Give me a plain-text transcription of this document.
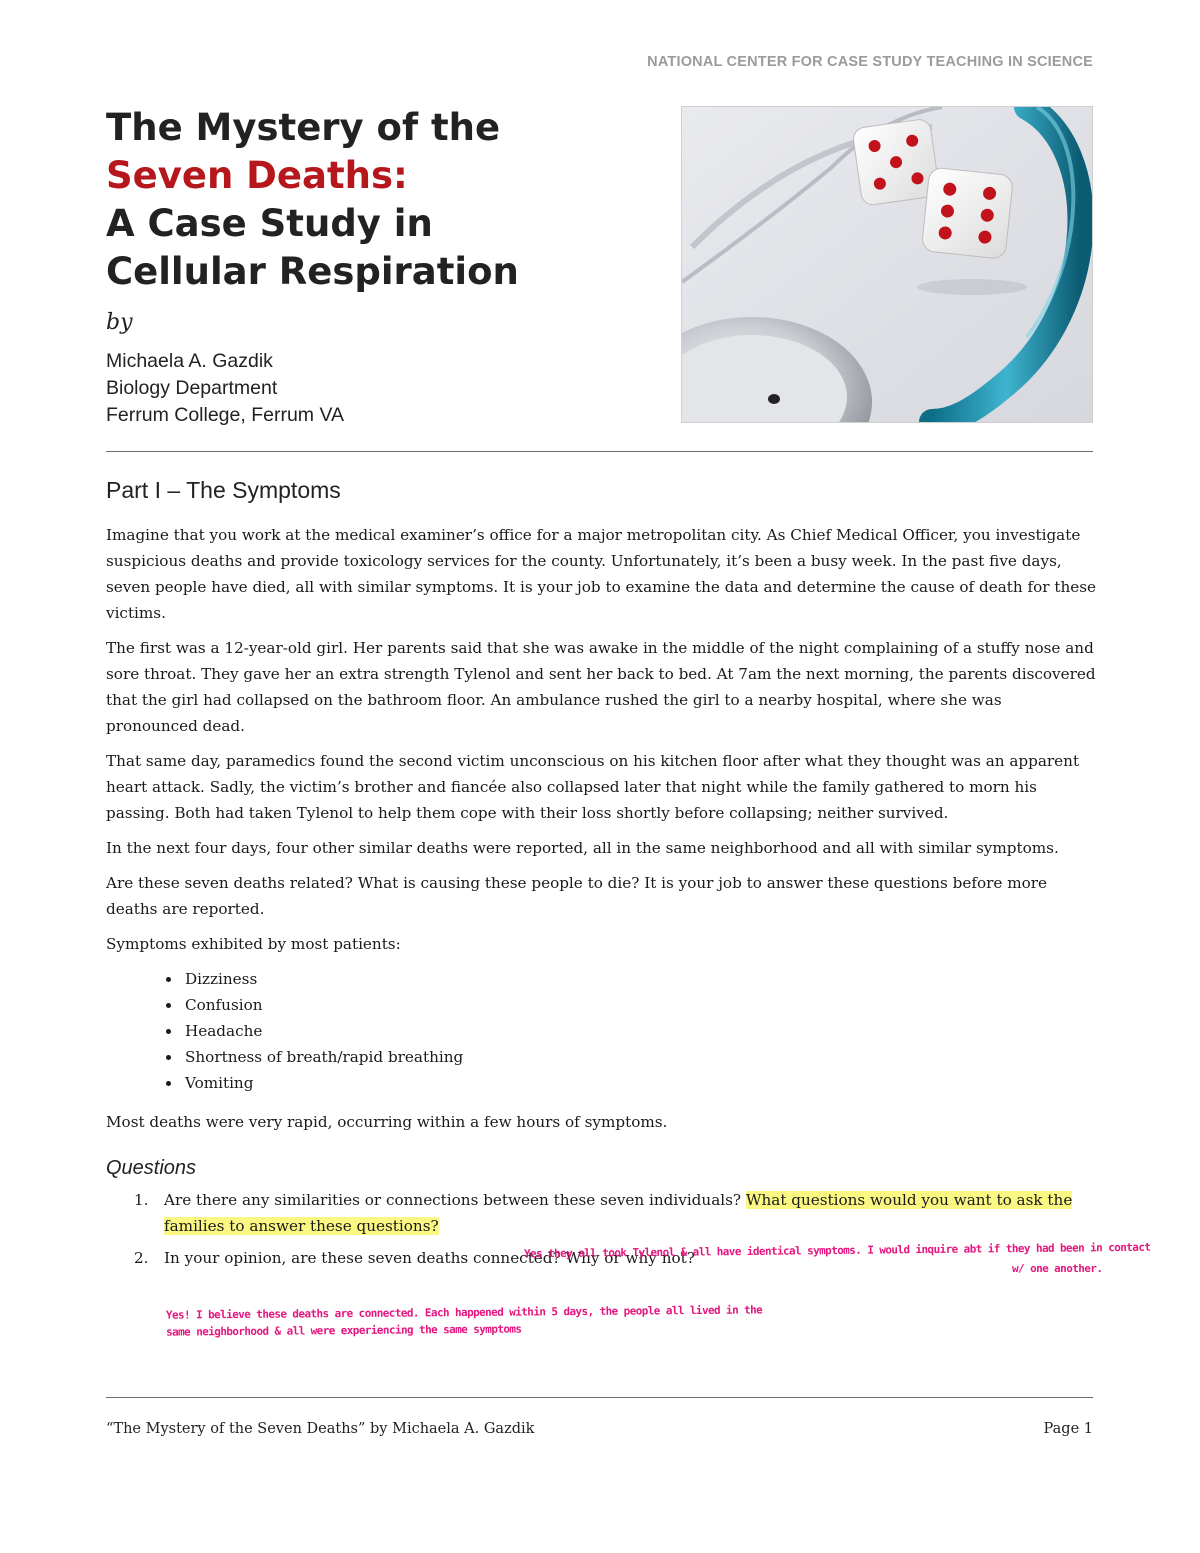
NATIONAL CENTER FOR CASE STUDY TEACHING IN SCIENCE
The Mystery of the
Seven Deaths:
A Case Study in
Cellular Respiration
by
Michaela A. Gazdik
Biology Department
Ferrum College, Ferrum VA
Part I – The Symptoms

Imagine that you work at the medical examiner’s office for a major metropolitan city. As Chief Medical Officer, you investigate suspicious deaths and provide toxicology services for the county. Unfortunately, it’s been a busy week. In the past five days, seven people have died, all with similar symptoms. It is your job to examine the data and determine the cause of death for these victims.

The first was a 12-year-old girl. Her parents said that she was awake in the middle of the night complaining of a stuffy nose and sore throat. They gave her an extra strength Tylenol and sent her back to bed. At 7am the next morning, the parents discovered that the girl had collapsed on the bathroom floor. An ambulance rushed the girl to a nearby hospital, where she was pronounced dead.

That same day, paramedics found the second victim unconscious on his kitchen floor after what they thought was an apparent heart attack. Sadly, the victim’s brother and fiancée also collapsed later that night while the family gathered to morn his passing. Both had taken Tylenol to help them cope with their loss shortly before collapsing; neither survived.

In the next four days, four other similar deaths were reported, all in the same neighborhood and all with similar symptoms.

Are these seven deaths related? What is causing these people to die? It is your job to answer these questions before more deaths are reported.

Symptoms exhibited by most patients:

Dizziness
Confusion
Headache
Shortness of breath/rapid breathing
Vomiting

Most deaths were very rapid, occurring within a few hours of symptoms.

Questions
1. Are there any similarities or connections between these seven individuals? What questions would you want to ask the families to answer these questions?
2. In your opinion, are these seven deaths connected? Why or why not?
Yes they all took Tylenol & all have identical symptoms. I would inquire abt if they had been in contact
w/ one another.
Yes! I believe these deaths are connected. Each happened within 5 days, the people all lived in the same neighborhood & all were experiencing the same symptoms
“The Mystery of the Seven Deaths” by Michaela A. Gazdik	Page 1
